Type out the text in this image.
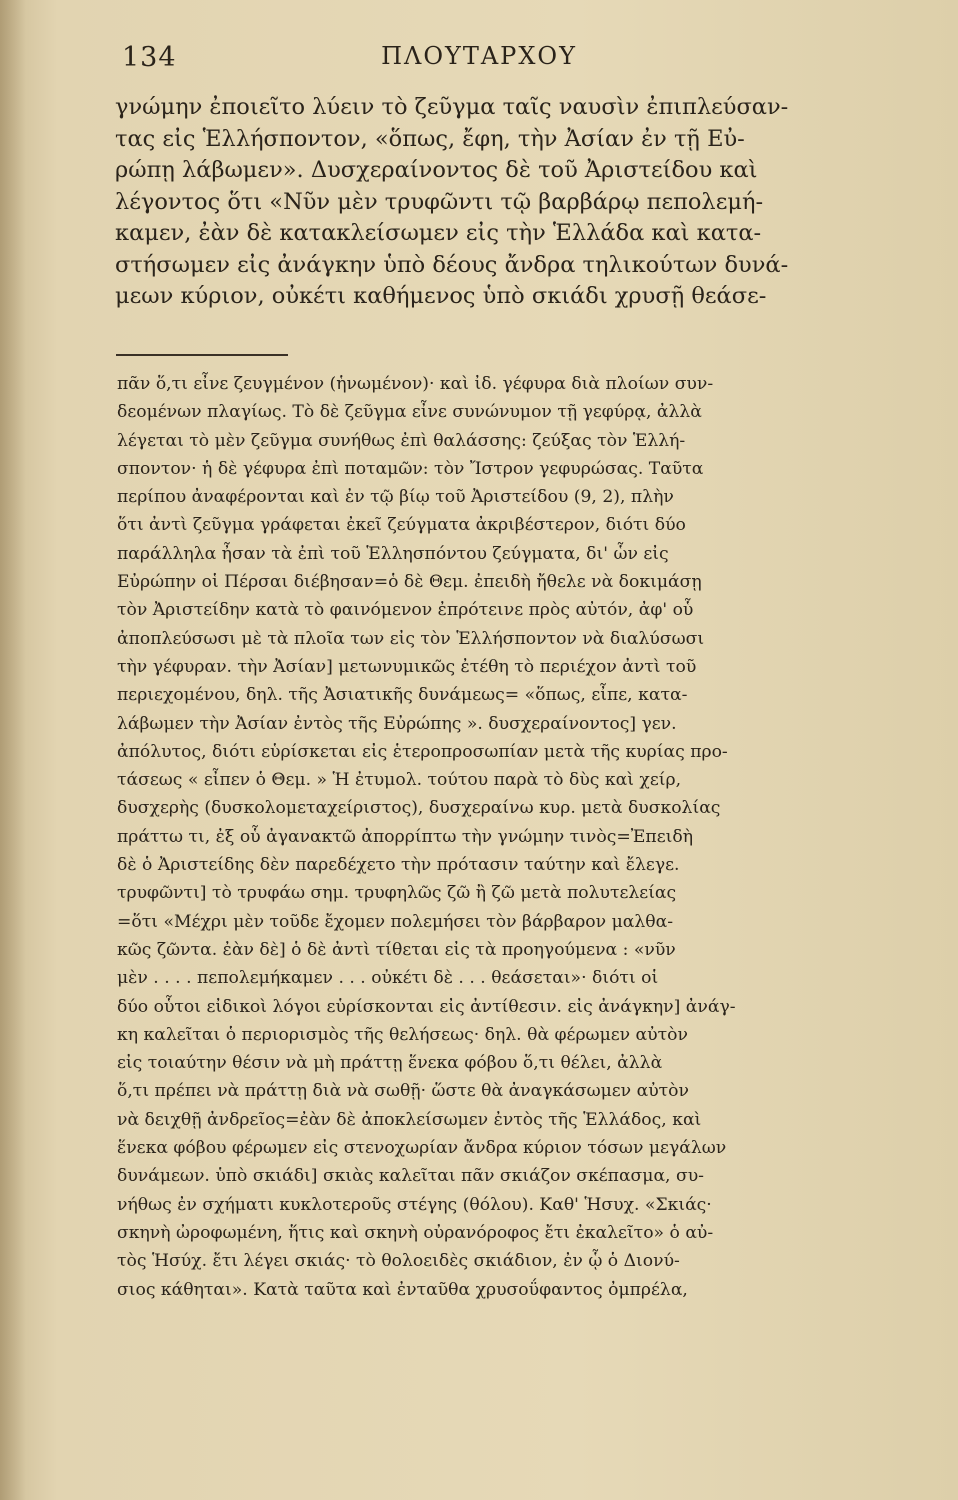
134	ΠΛΟΥΤΑΡΧΟΥ
γνώμην ἐποιεῖτο λύειν τὸ ζεῦγμα ταῖς ναυσὶν ἐπιπλεύσαν-
τας εἰς Ἑλλήσποντον, «ὅπως, ἔφη, τὴν Ἀσίαν ἐν τῇ Εὐ-
ρώπῃ λάβωμεν». Δυσχεραίνοντος δὲ τοῦ Ἀριστείδου καὶ
λέγοντος ὅτι «Νῦν μὲν τρυφῶντι τῷ βαρβάρῳ πεπολεμή-
καμεν, ἐὰν δὲ κατακλείσωμεν εἰς τὴν Ἑλλάδα καὶ κατα-
στήσωμεν εἰς ἀνάγκην ὑπὸ δέους ἄνδρα τηλικούτων δυνά-
μεων κύριον, οὐκέτι καθήμενος ὑπὸ σκιάδι χρυσῇ θεάσε-
πᾶν ὅ,τι εἶνε ζευγμένον (ἡνωμένον)· καὶ ἰδ. γέφυρα διὰ πλοίων συν-
δεομένων πλαγίως. Τὸ δὲ ζεῦγμα εἶνε συνώνυμον τῇ γεφύρᾳ, ἀλλὰ
λέγεται τὸ μὲν ζεῦγμα συνήθως ἐπὶ θαλάσσης: ζεύξας τὸν Ἑλλή-
σποντον· ἡ δὲ γέφυρα ἐπὶ ποταμῶν: τὸν Ἴστρον γεφυρώσας. Ταῦτα
περίπου ἀναφέρονται καὶ ἐν τῷ βίῳ τοῦ Ἀριστείδου (9, 2), πλὴν
ὅτι ἀντὶ ζεῦγμα γράφεται ἐκεῖ ζεύγματα ἀκριβέστερον, διότι δύο
παράλληλα ἦσαν τὰ ἐπὶ τοῦ Ἑλλησπόντου ζεύγματα, δι' ὧν εἰς
Εὐρώπην οἱ Πέρσαι διέβησαν=ὁ δὲ Θεμ. ἐπειδὴ ἤθελε νὰ δοκιμάσῃ
τὸν Ἀριστείδην κατὰ τὸ φαινόμενον ἐπρότεινε πρὸς αὐτόν, ἀφ' οὗ
ἀποπλεύσωσι μὲ τὰ πλοῖα των εἰς τὸν Ἑλλήσποντον νὰ διαλύσωσι
τὴν γέφυραν. τὴν Ἀσίαν] μετωνυμικῶς ἐτέθη τὸ περιέχον ἀντὶ τοῦ
περιεχομένου, δηλ. τῆς Ἀσιατικῆς δυνάμεως= «ὅπως, εἶπε, κατα-
λάβωμεν τὴν Ἀσίαν ἐντὸς τῆς Εὐρώπης ». δυσχεραίνοντος] γεν.
ἀπόλυτος, διότι εὑρίσκεται εἰς ἑτεροπροσωπίαν μετὰ τῆς κυρίας προ-
τάσεως « εἶπεν ὁ Θεμ. » Ἡ ἐτυμολ. τούτου παρὰ τὸ δὺς καὶ χείρ,
δυσχερὴς (δυσκολομεταχείριστος), δυσχεραίνω κυρ. μετὰ δυσκολίας
πράττω τι, ἐξ οὗ ἀγανακτῶ ἀπορρίπτω τὴν γνώμην τινὸς=Ἐπειδὴ
δὲ ὁ Ἀριστείδης δὲν παρεδέχετο τὴν πρότασιν ταύτην καὶ ἔλεγε.
τρυφῶντι] τὸ τρυφάω σημ. τρυφηλῶς ζῶ ἢ ζῶ μετὰ πολυτελείας
=ὅτι «Μέχρι μὲν τοῦδε ἔχομεν πολεμήσει τὸν βάρβαρον μαλθα-
κῶς ζῶντα. ἐὰν δὲ] ὁ δὲ ἀντὶ τίθεται εἰς τὰ προηγούμενα : «νῦν
μὲν . . . . πεπολεμήκαμεν . . . οὐκέτι δὲ . . . θεάσεται»· διότι οἱ
δύο οὗτοι εἰδικοὶ λόγοι εὑρίσκονται εἰς ἀντίθεσιν. εἰς ἀνάγκην] ἀνάγ-
κη καλεῖται ὁ περιορισμὸς τῆς θελήσεως· δηλ. θὰ φέρωμεν αὐτὸν
εἰς τοιαύτην θέσιν νὰ μὴ πράττῃ ἕνεκα φόβου ὅ,τι θέλει, ἀλλὰ
ὅ,τι πρέπει νὰ πράττῃ διὰ νὰ σωθῇ· ὥστε θὰ ἀναγκάσωμεν αὐτὸν
νὰ δειχθῇ ἀνδρεῖος=ἐὰν δὲ ἀποκλείσωμεν ἐντὸς τῆς Ἑλλάδος, καὶ
ἕνεκα φόβου φέρωμεν εἰς στενοχωρίαν ἄνδρα κύριον τόσων μεγάλων
δυνάμεων. ὑπὸ σκιάδι] σκιὰς καλεῖται πᾶν σκιάζον σκέπασμα, συ-
νήθως ἐν σχήματι κυκλοτεροῦς στέγης (θόλου). Καθ' Ἡσυχ. «Σκιάς·
σκηνὴ ὠροφωμένη, ἥτις καὶ σκηνὴ οὐρανόροφος ἔτι ἐκαλεῖτο» ὁ αὐ-
τὸς Ἡσύχ. ἔτι λέγει σκιάς· τὸ θολοειδὲς σκιάδιον, ἐν ᾧ ὁ Διονύ-
σιος κάθηται». Κατὰ ταῦτα καὶ ἐνταῦθα χρυσοΰφαντος ὀμπρέλα,
